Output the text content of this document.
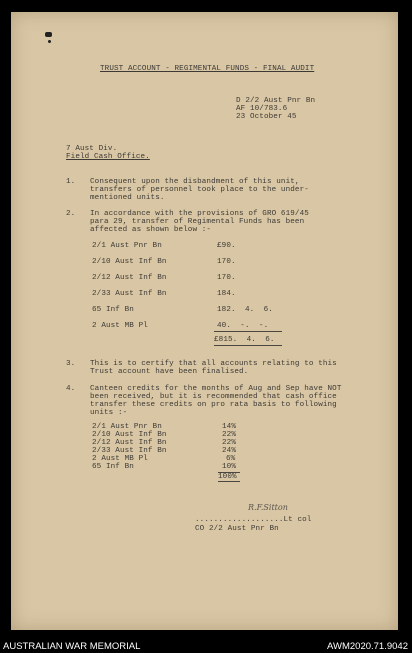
TRUST ACCOUNT - REGIMENTAL FUNDS - FINAL AUDIT
D 2/2 Aust Pnr Bn
AF 10/783.6
23 October 45
7 Aust Div.
Field Cash Office.
1. Consequent upon the disbandment of this unit,
transfers of personnel took place to the under-
mentioned units.
2. In accordance with the provisions of GRO 619/45
para 29, transfer of Regimental Funds has been
affected as shown below :-
2/1 Aust Pnr Bn	£90.
2/10 Aust Inf Bn	170.
2/12 Aust Inf Bn	170.
2/33 Aust Inf Bn	184.
65 Inf Bn	182.  4.  6.
2 Aust MB Pl	40.  -.  -.
£815.  4.  6.
3. This is to certify that all accounts relating to this
Trust account have been finalised.
4. Canteen credits for the months of Aug and Sep have NOT
been received, but it is recommended that cash office
transfer these credits on pro rata basis to following
units :-
2/1 Aust Pnr Bn	14%
2/10 Aust Inf Bn	22%
2/12 Aust Inf Bn	22%
2/33 Aust Inf Bn	24%
2 Aust MB Pl	6%
65 Inf Bn	10%
100%
R.F.Sitton
...................Lt col
CO 2/2 Aust Pnr Bn
AUSTRALIAN WAR MEMORIAL	AWM2020.71.9042
